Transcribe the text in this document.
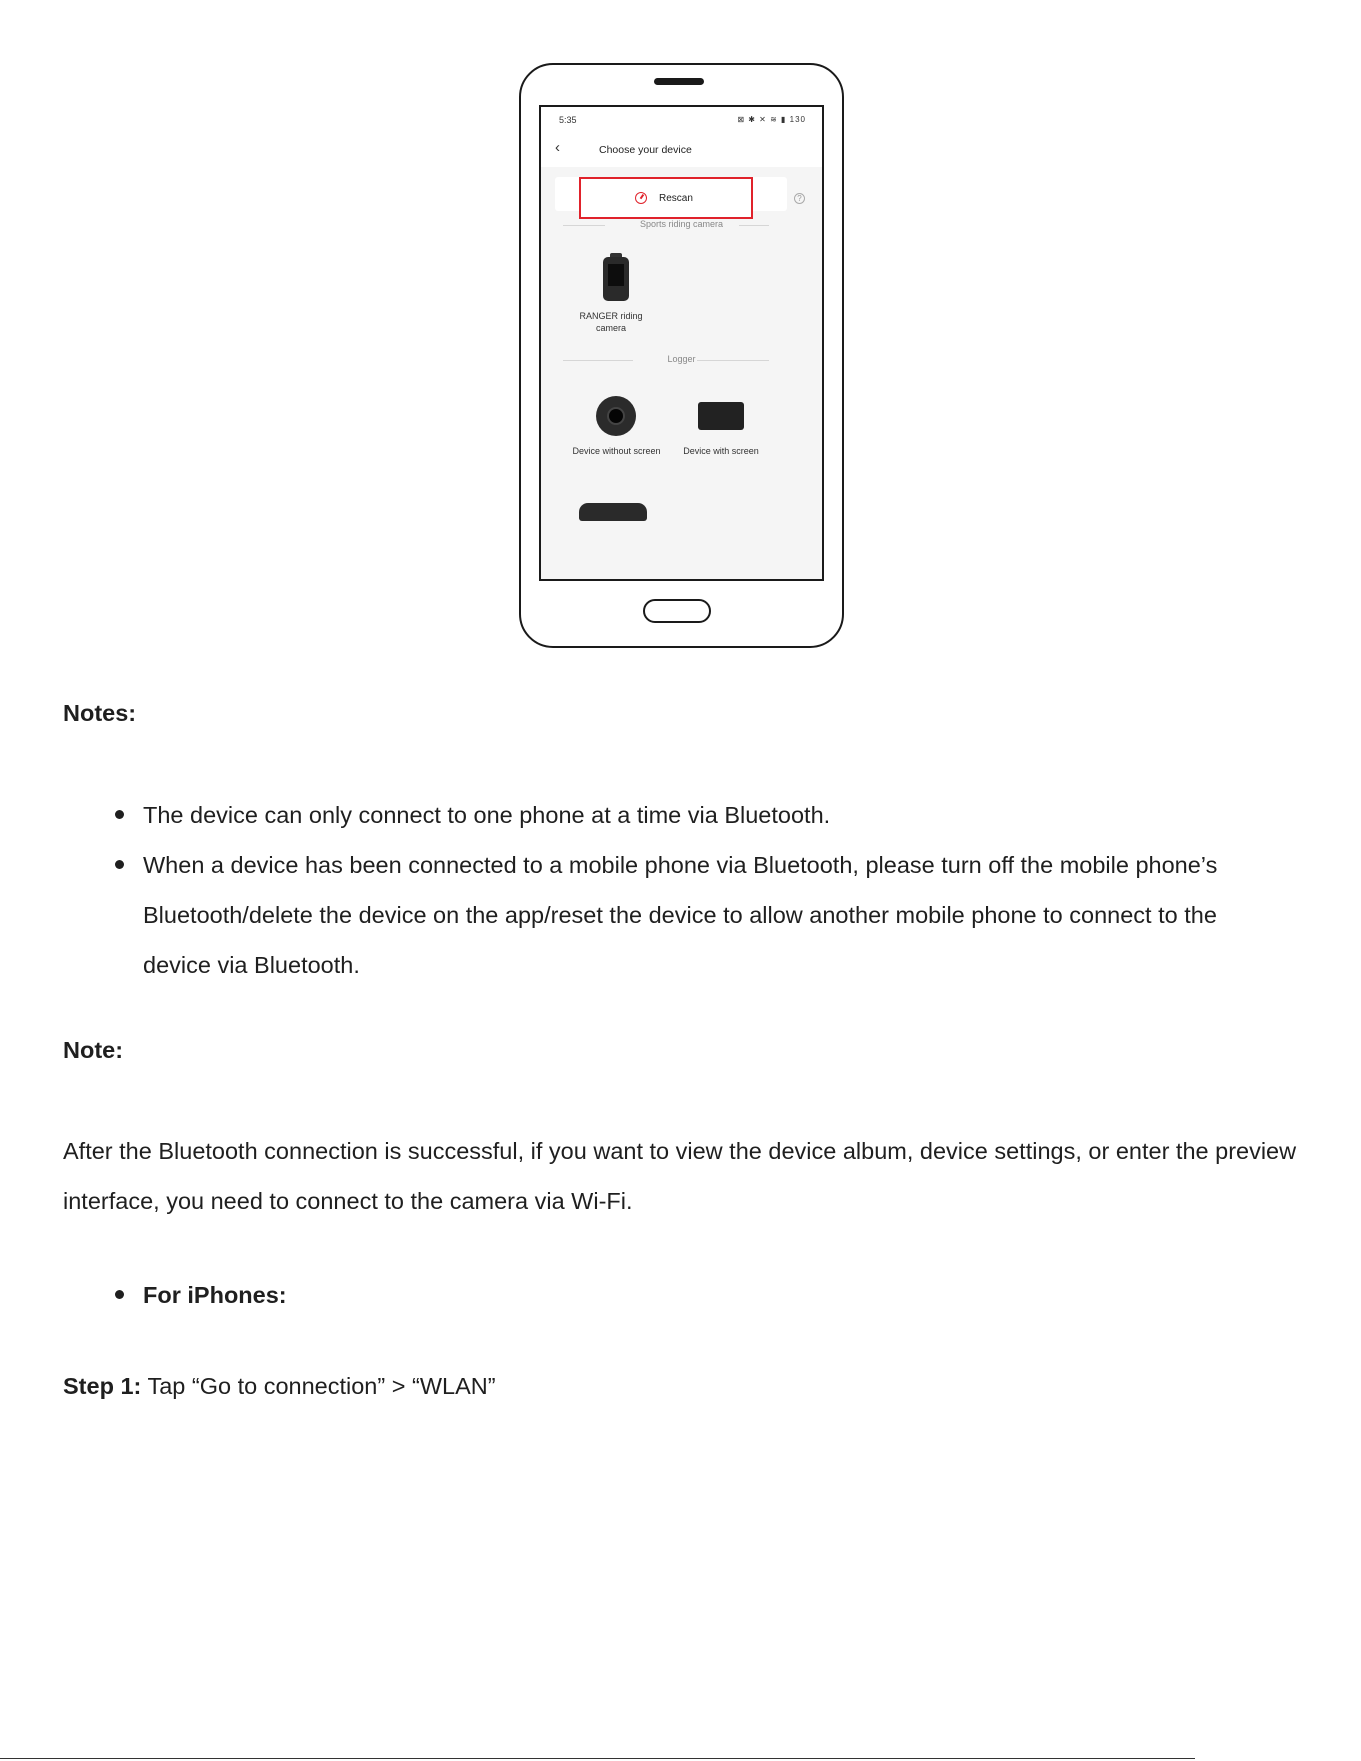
5:35	⊠ ✱ ✕ ≋ ▮ 130
‹	Choose your device
Rescan	?
Sports riding camera
RANGER riding camera
Logger
Device without screen	Device with screen
Notes:
The device can only connect to one phone at a time via Bluetooth.
When a device has been connected to a mobile phone via Bluetooth, please turn off the mobile phone’s Bluetooth/delete the device on the app/reset the device to allow another mobile phone to connect to the device via Bluetooth.
Note:
After the Bluetooth connection is successful, if you want to view the device album, device settings, or enter the preview interface, you need to connect to the camera via Wi-Fi.
For iPhones:
Step 1: Tap “Go to connection” > “WLAN”
